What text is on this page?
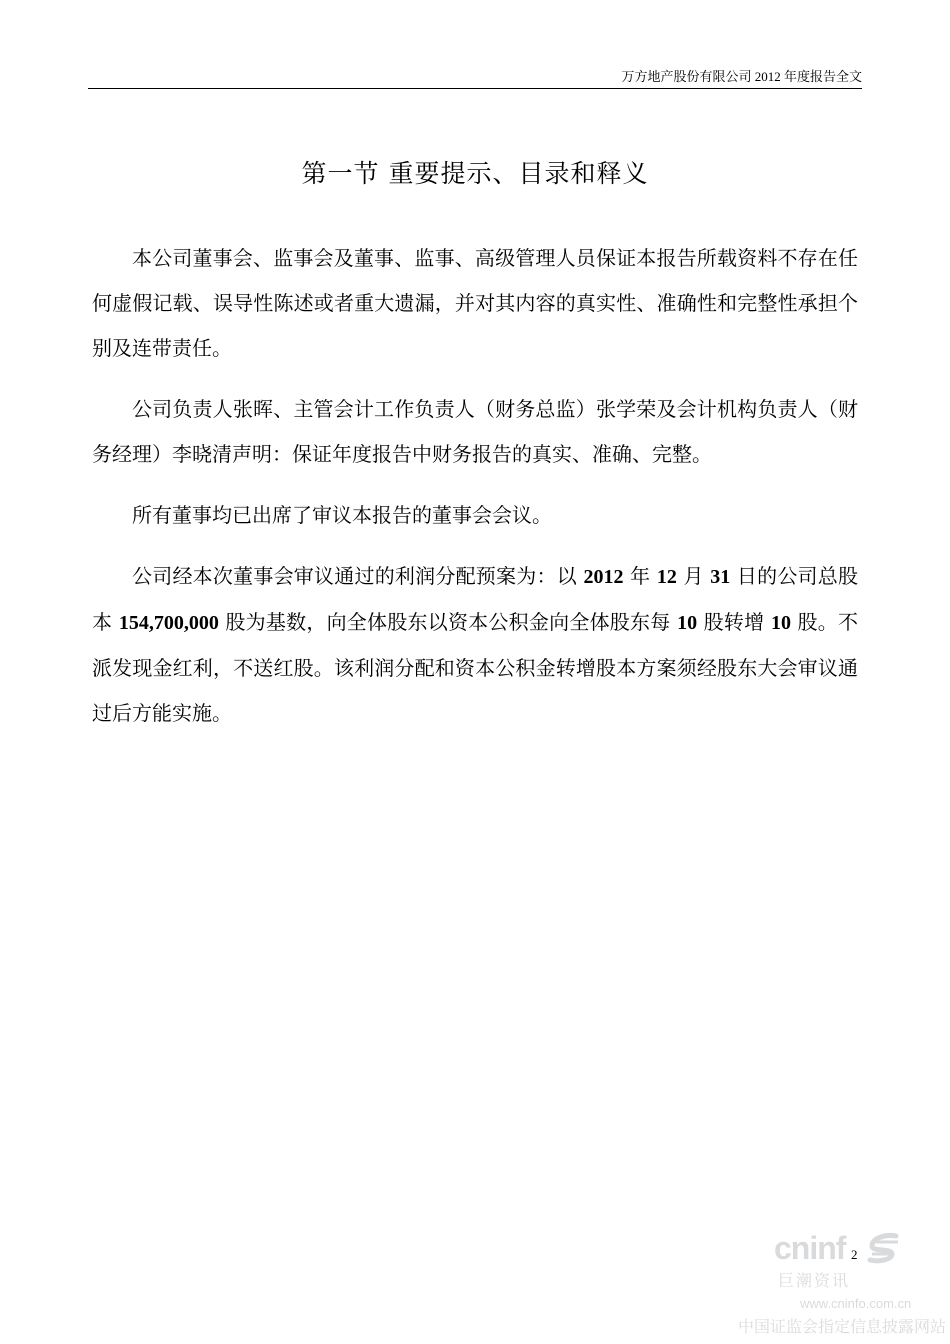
万方地产股份有限公司 2012 年度报告全文
第一节 重要提示、目录和释义

本公司董事会、监事会及董事、监事、高级管理人员保证本报告所载资料不存在任何虚假记载、误导性陈述或者重大遗漏，并对其内容的真实性、准确性和完整性承担个别及连带责任。

公司负责人张晖、主管会计工作负责人（财务总监）张学荣及会计机构负责人（财务经理）李晓清声明：保证年度报告中财务报告的真实、准确、完整。

所有董事均已出席了审议本报告的董事会会议。

公司经本次董事会审议通过的利润分配预案为：以 2012 年 12 月 31 日的公司总股本 154,700,000 股为基数，向全体股东以资本公积金向全体股东每 10 股转增 10 股。不派发现金红利，不送红股。该利润分配和资本公积金转增股本方案须经股东大会审议通过后方能实施。

2
cninf
巨潮资讯
www.cninfo.com.cn
中国证监会指定信息披露网站
